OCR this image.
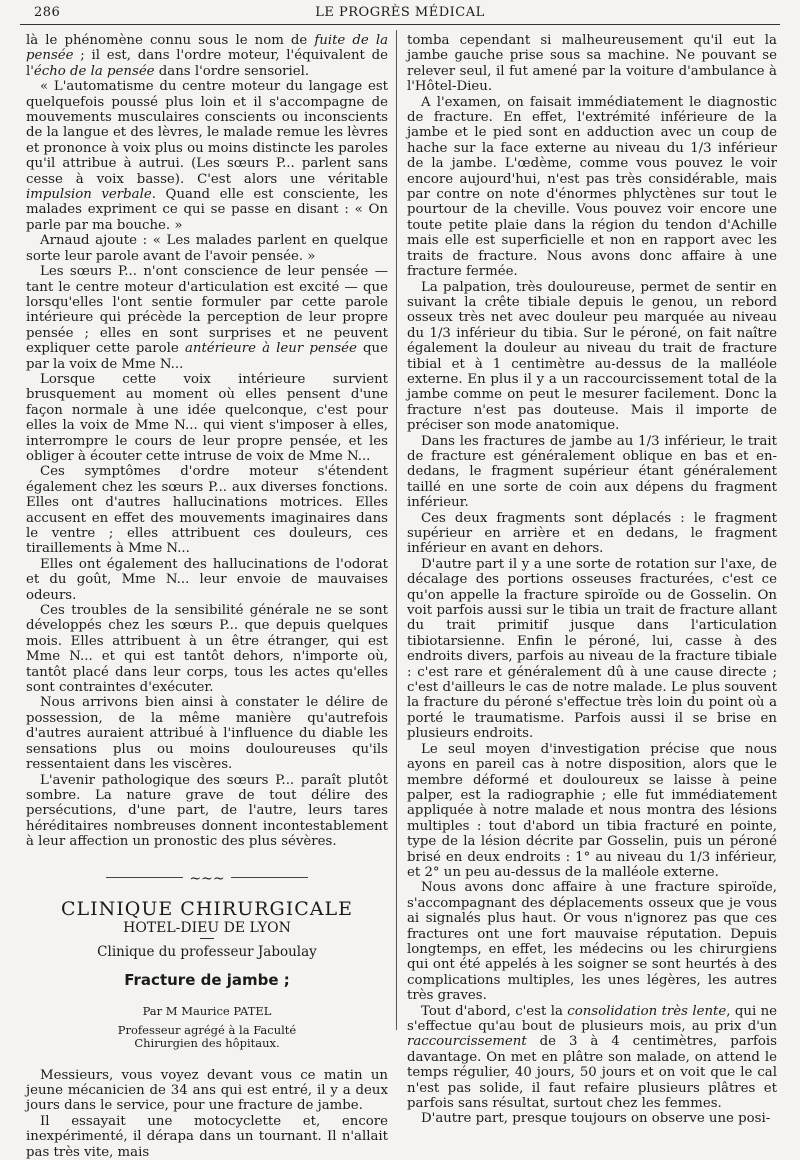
286	LE PROGRÈS MÉDICAL

là le phénomène connu sous le nom de fuite de la pensée ; il est, dans l'ordre moteur, l'équivalent de l'écho de la pensée dans l'ordre sensoriel.

« L'automatisme du centre moteur du langage est quelquefois poussé plus loin et il s'accompagne de mouvements musculaires conscients ou inconscients de la langue et des lèvres, le malade remue les lèvres et prononce à voix plus ou moins distincte les paroles qu'il attribue à autrui. (Les sœurs P... parlent sans cesse à voix basse). C'est alors une véritable impulsion verbale. Quand elle est consciente, les malades expriment ce qui se passe en disant : « On parle par ma bouche. »

Arnaud ajoute : « Les malades parlent en quelque sorte leur parole avant de l'avoir pensée. »

Les sœurs P... n'ont conscience de leur pensée — tant le centre moteur d'articulation est excité — que lorsqu'elles l'ont sentie formuler par cette parole intérieure qui précède la perception de leur propre pensée ; elles en sont surprises et ne peuvent expliquer cette parole antérieure à leur pensée que par la voix de Mme N...

Lorsque cette voix intérieure survient brusquement au moment où elles pensent d'une façon normale à une idée quelconque, c'est pour elles la voix de Mme N... qui vient s'imposer à elles, interrompre le cours de leur propre pensée, et les obliger à écouter cette intruse de voix de Mme N...

Ces symptômes d'ordre moteur s'étendent également chez les sœurs P... aux diverses fonctions. Elles ont d'autres hallucinations motrices. Elles accusent en effet des mouvements imaginaires dans le ventre ; elles attribuent ces douleurs, ces tiraillements à Mme N...

Elles ont également des hallucinations de l'odorat et du goût, Mme N... leur envoie de mauvaises odeurs.

Ces troubles de la sensibilité générale ne se sont développés chez les sœurs P... que depuis quelques mois. Elles attribuent à un être étranger, qui est Mme N... et qui est tantôt dehors, n'importe où, tantôt placé dans leur corps, tous les actes qu'elles sont contraintes d'exécuter.

Nous arrivons bien ainsi à constater le délire de possession, de la même manière qu'autrefois d'autres auraient attribué à l'influence du diable les sensations plus ou moins douloureuses qu'ils ressentaient dans les viscères.

L'avenir pathologique des sœurs P... paraît plutôt sombre. La nature grave de tout délire des persécutions, d'une part, de l'autre, leurs tares héréditaires nombreuses donnent incontestablement à leur affection un pronostic des plus sévères.

~~~
CLINIQUE CHIRURGICALE
HOTEL-DIEU DE LYON
Clinique du professeur Jaboulay
Fracture de jambe ;
Par M Maurice PATEL
Professeur agrégé à la Faculté
Chirurgien des hôpitaux.

Messieurs, vous voyez devant vous ce matin un jeune mécanicien de 34 ans qui est entré, il y a deux jours dans le service, pour une fracture de jambe.

Il essayait une motocyclette et, encore inexpérimenté, il dérapa dans un tournant. Il n'allait pas très vite, mais

tomba cependant si malheureusement qu'il eut la jambe gauche prise sous sa machine. Ne pouvant se relever seul, il fut amené par la voiture d'ambulance à l'Hôtel-Dieu.

A l'examen, on faisait immédiatement le diagnostic de fracture. En effet, l'extrémité inférieure de la jambe et le pied sont en adduction avec un coup de hache sur la face externe au niveau du 1/3 inférieur de la jambe. L'œdème, comme vous pouvez le voir encore aujourd'hui, n'est pas très considérable, mais par contre on note d'énormes phlyctènes sur tout le pourtour de la cheville. Vous pouvez voir encore une toute petite plaie dans la région du tendon d'Achille mais elle est superficielle et non en rapport avec les traits de fracture. Nous avons donc affaire à une fracture fermée.

La palpation, très douloureuse, permet de sentir en suivant la crête tibiale depuis le genou, un rebord osseux très net avec douleur peu marquée au niveau du 1/3 inférieur du tibia. Sur le péroné, on fait naître également la douleur au niveau du trait de fracture tibial et à 1 centimètre au-dessus de la malléole externe. En plus il y a un raccourcissement total de la jambe comme on peut le mesurer facilement. Donc la fracture n'est pas douteuse. Mais il importe de préciser son mode anatomique.

Dans les fractures de jambe au 1/3 inférieur, le trait de fracture est généralement oblique en bas et en-dedans, le fragment supérieur étant généralement taillé en une sorte de coin aux dépens du fragment inférieur.

Ces deux fragments sont déplacés : le fragment supérieur en arrière et en dedans, le fragment inférieur en avant en dehors.

D'autre part il y a une sorte de rotation sur l'axe, de décalage des portions osseuses fracturées, c'est ce qu'on appelle la fracture spiroïde ou de Gosselin. On voit parfois aussi sur le tibia un trait de fracture allant du trait primitif jusque dans l'articulation tibiotarsienne. Enfin le péroné, lui, casse à des endroits divers, parfois au niveau de la fracture tibiale : c'est rare et généralement dû à une cause directe ; c'est d'ailleurs le cas de notre malade. Le plus souvent la fracture du péroné s'effectue très loin du point où a porté le traumatisme. Parfois aussi il se brise en plusieurs endroits.

Le seul moyen d'investigation précise que nous ayons en pareil cas à notre disposition, alors que le membre déformé et douloureux se laisse à peine palper, est la radiographie ; elle fut immédiatement appliquée à notre malade et nous montra des lésions multiples : tout d'abord un tibia fracturé en pointe, type de la lésion décrite par Gosselin, puis un péroné brisé en deux endroits : 1° au niveau du 1/3 inférieur, et 2° un peu au-dessus de la malléole externe.

Nous avons donc affaire à une fracture spiroïde, s'accompagnant des déplacements osseux que je vous ai signalés plus haut. Or vous n'ignorez pas que ces fractures ont une fort mauvaise réputation. Depuis longtemps, en effet, les médecins ou les chirurgiens qui ont été appelés à les soigner se sont heurtés à des complications multiples, les unes légères, les autres très graves.

Tout d'abord, c'est la consolidation très lente, qui ne s'effectue qu'au bout de plusieurs mois, au prix d'un raccourcissement de 3 à 4 centimètres, parfois davantage. On met en plâtre son malade, on attend le temps régulier, 40 jours, 50 jours et on voit que le cal n'est pas solide, il faut refaire plusieurs plâtres et parfois sans résultat, surtout chez les femmes.

D'autre part, presque toujours on observe une posi-
